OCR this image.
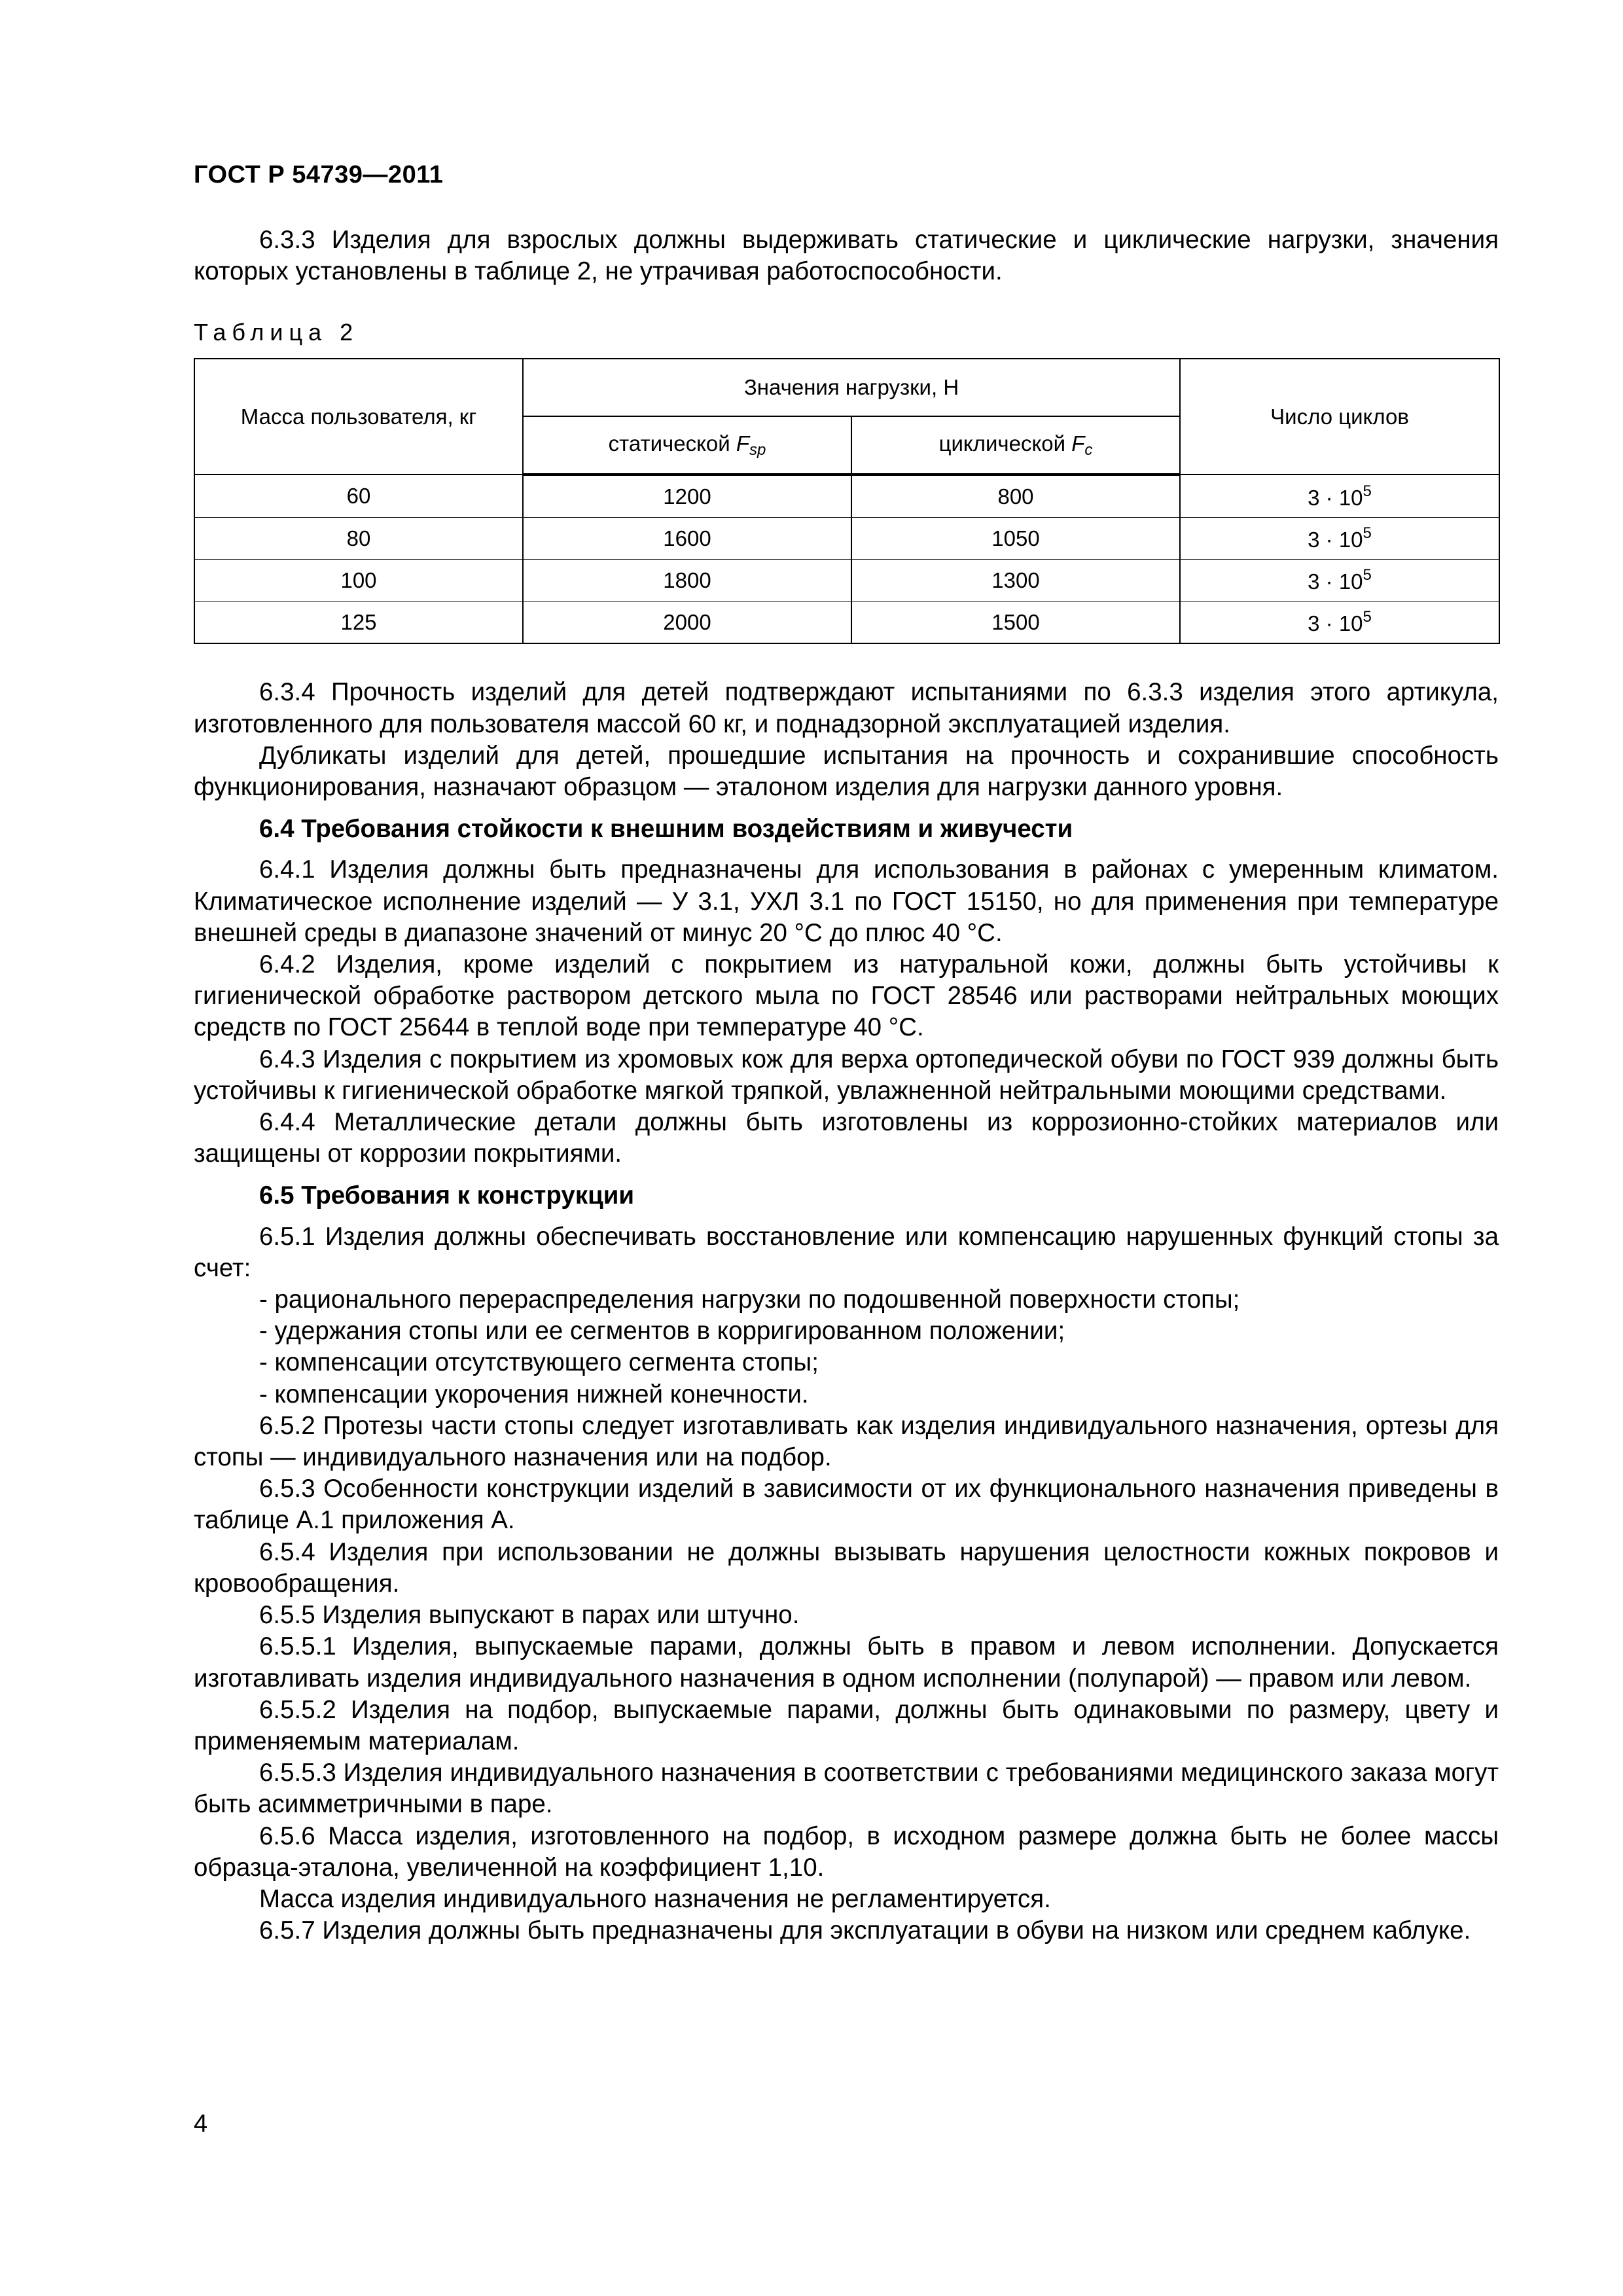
ГОСТ Р 54739—2011

6.3.3 Изделия для взрослых должны выдерживать статические и циклические нагрузки, значения которых установлены в таблице 2, не утрачивая работоспособности.

Таблица 2
Масса пользователя, кг	Значения нагрузки, Н		Число циклов
	статической $F_{sp}$	циклической $F_c$
60	1200	800	$3 \cdot 10^5$
80	1600	1050	$3 \cdot 10^5$
100	1800	1300	$3 \cdot 10^5$
125	2000	1500	$3 \cdot 10^5$

6.3.4 Прочность изделий для детей подтверждают испытаниями по 6.3.3 изделия этого артикула, изготовленного для пользователя массой 60 кг, и поднадзорной эксплуатацией изделия.

Дубликаты изделий для детей, прошедшие испытания на прочность и сохранившие способность функционирования, назначают образцом — эталоном изделия для нагрузки данного уровня.

6.4 Требования стойкости к внешним воздействиям и живучести

6.4.1 Изделия должны быть предназначены для использования в районах с умеренным климатом. Климатическое исполнение изделий — У 3.1, УХЛ 3.1 по ГОСТ 15150, но для применения при температуре внешней среды в диапазоне значений от минус 20 °C до плюс 40 °C.

6.4.2 Изделия, кроме изделий с покрытием из натуральной кожи, должны быть устойчивы к гигиенической обработке раствором детского мыла по ГОСТ 28546 или растворами нейтральных моющих средств по ГОСТ 25644 в теплой воде при температуре 40 °C.

6.4.3 Изделия с покрытием из хромовых кож для верха ортопедической обуви по ГОСТ 939 должны быть устойчивы к гигиенической обработке мягкой тряпкой, увлажненной нейтральными моющими средствами.

6.4.4 Металлические детали должны быть изготовлены из коррозионно-стойких материалов или защищены от коррозии покрытиями.

6.5 Требования к конструкции

6.5.1 Изделия должны обеспечивать восстановление или компенсацию нарушенных функций стопы за счет:

- рационального перераспределения нагрузки по подошвенной поверхности стопы;

- удержания стопы или ее сегментов в корригированном положении;

- компенсации отсутствующего сегмента стопы;

- компенсации укорочения нижней конечности.

6.5.2 Протезы части стопы следует изготавливать как изделия индивидуального назначения, ортезы для стопы — индивидуального назначения или на подбор.

6.5.3 Особенности конструкции изделий в зависимости от их функционального назначения приведены в таблице А.1 приложения А.

6.5.4 Изделия при использовании не должны вызывать нарушения целостности кожных покровов и кровообращения.

6.5.5 Изделия выпускают в парах или штучно.

6.5.5.1 Изделия, выпускаемые парами, должны быть в правом и левом исполнении. Допускается изготавливать изделия индивидуального назначения в одном исполнении (полупарой) — правом или левом.

6.5.5.2 Изделия на подбор, выпускаемые парами, должны быть одинаковыми по размеру, цвету и применяемым материалам.

6.5.5.3 Изделия индивидуального назначения в соответствии с требованиями медицинского заказа могут быть асимметричными в паре.

6.5.6 Масса изделия, изготовленного на подбор, в исходном размере должна быть не более массы образца-эталона, увеличенной на коэффициент 1,10.

Масса изделия индивидуального назначения не регламентируется.

6.5.7 Изделия должны быть предназначены для эксплуатации в обуви на низком или среднем каблуке.

4
